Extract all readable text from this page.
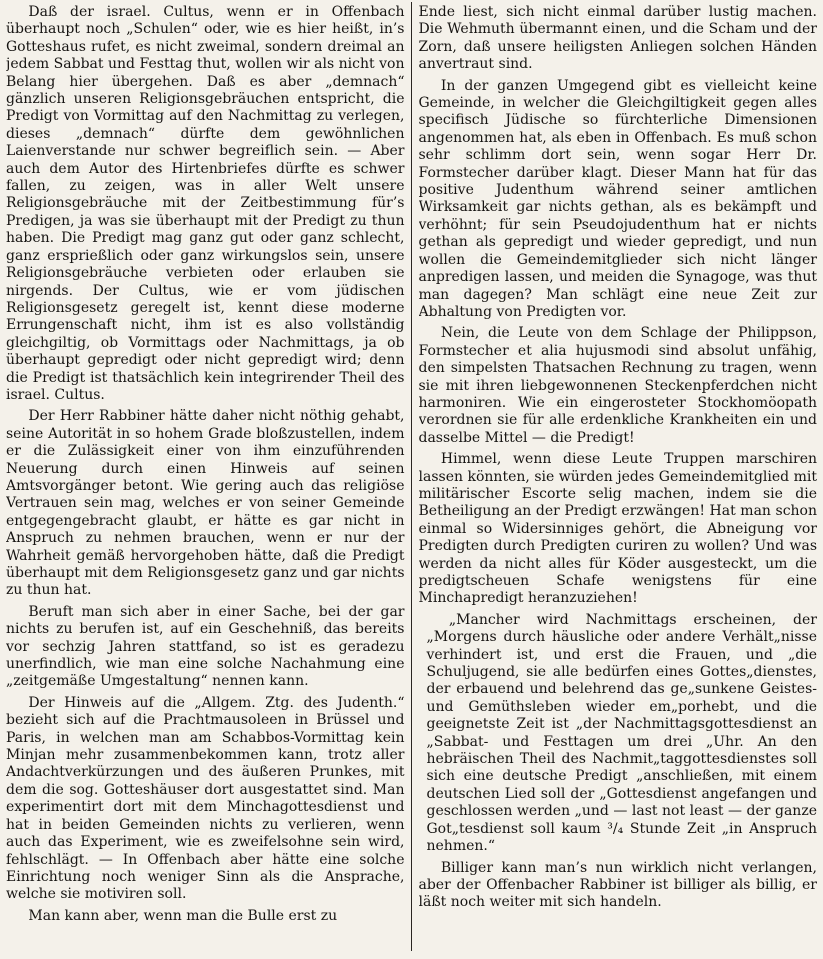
Daß der israel. Cultus, wenn er in Offenbach überhaupt noch „Schulen“ oder, wie es hier heißt, in’s Gotteshaus rufet, es nicht zweimal, sondern dreimal an jedem Sabbat und Festtag thut, wollen wir als nicht von Belang hier übergehen. Daß es aber „demnach“ gänzlich unseren Religionsgebräuchen entspricht, die Predigt von Vormittag auf den Nachmittag zu verlegen, dieses „demnach“ dürfte dem gewöhnlichen Laienverstande nur schwer begreiflich sein. — Aber auch dem Autor des Hirtenbriefes dürfte es schwer fallen, zu zeigen, was in aller Welt unsere Religionsgebräuche mit der Zeitbestimmung für’s Predigen, ja was sie überhaupt mit der Predigt zu thun haben. Die Predigt mag ganz gut oder ganz schlecht, ganz ersprießlich oder ganz wirkungslos sein, unsere Religionsgebräuche verbieten oder erlauben sie nirgends. Der Cultus, wie er vom jüdischen Religionsgesetz geregelt ist, kennt diese moderne Errungenschaft nicht, ihm ist es also vollständig gleichgiltig, ob Vormittags oder Nachmittags, ja ob überhaupt gepredigt oder nicht gepredigt wird; denn die Predigt ist thatsächlich kein integrirender Theil des israel. Cultus.

Der Herr Rabbiner hätte daher nicht nöthig gehabt, seine Autorität in so hohem Grade bloßzustellen, indem er die Zulässigkeit einer von ihm einzuführenden Neuerung durch einen Hinweis auf seinen Amtsvorgänger betont. Wie gering auch das religiöse Vertrauen sein mag, welches er von seiner Gemeinde entgegengebracht glaubt, er hätte es gar nicht in Anspruch zu nehmen brauchen, wenn er nur der Wahrheit gemäß hervorgehoben hätte, daß die Predigt überhaupt mit dem Religionsgesetz ganz und gar nichts zu thun hat.

Beruft man sich aber in einer Sache, bei der gar nichts zu berufen ist, auf ein Geschehniß, das bereits vor sechzig Jahren stattfand, so ist es geradezu unerfindlich, wie man eine solche Nachahmung eine „zeitgemäße Umgestaltung“ nennen kann.

Der Hinweis auf die „Allgem. Ztg. des Judenth.“ bezieht sich auf die Prachtmausoleen in Brüssel und Paris, in welchen man am Schabbos-Vormittag kein Minjan mehr zusammenbekommen kann, trotz aller Andachtverkürzungen und des äußeren Prunkes, mit dem die sog. Gotteshäuser dort ausgestattet sind. Man experimentirt dort mit dem Minchagottesdienst und hat in beiden Gemeinden nichts zu verlieren, wenn auch das Experiment, wie es zweifelsohne sein wird, fehlschlägt. — In Offenbach aber hätte eine solche Einrichtung noch weniger Sinn als die Ansprache, welche sie motiviren soll.

Man kann aber, wenn man die Bulle erst zu

Ende liest, sich nicht einmal darüber lustig machen. Die Wehmuth übermannt einen, und die Scham und der Zorn, daß unsere heiligsten Anliegen solchen Händen anvertraut sind.

In der ganzen Umgegend gibt es vielleicht keine Gemeinde, in welcher die Gleichgiltigkeit gegen alles specifisch Jüdische so fürchterliche Dimensionen angenommen hat, als eben in Offenbach. Es muß schon sehr schlimm dort sein, wenn sogar Herr Dr. Formstecher darüber klagt. Dieser Mann hat für das positive Judenthum während seiner amtlichen Wirksamkeit gar nichts gethan, als es bekämpft und verhöhnt; für sein Pseudojudenthum hat er nichts gethan als gepredigt und wieder gepredigt, und nun wollen die Gemeindemitglieder sich nicht länger anpredigen lassen, und meiden die Synagoge, was thut man dagegen? Man schlägt eine neue Zeit zur Abhaltung von Predigten vor.

Nein, die Leute von dem Schlage der Philippson, Formstecher et alia hujusmodi sind absolut unfähig, den simpelsten Thatsachen Rechnung zu tragen, wenn sie mit ihren liebgewonnenen Steckenpferdchen nicht harmoniren. Wie ein eingerosteter Stockhomöopath verordnen sie für alle erdenkliche Krankheiten ein und dasselbe Mittel — die Predigt!

Himmel, wenn diese Leute Truppen marschiren lassen könnten, sie würden jedes Gemeindemitglied mit militärischer Escorte selig machen, indem sie die Betheiligung an der Predigt erzwängen! Hat man schon einmal so Widersinniges gehört, die Abneigung vor Predigten durch Predigten curiren zu wollen? Und was werden da nicht alles für Köder ausgesteckt, um die predigtscheuen Schafe wenigstens für eine Minchapredigt heranzuziehen!

„Mancher wird Nachmittags erscheinen, der „Morgens durch häusliche oder andere Verhält„nisse verhindert ist, und erst die Frauen, und „die Schuljugend, sie alle bedürfen eines Gottes„dienstes, der erbauend und belehrend das ge„sunkene Geistes- und Gemüthsleben wieder em„porhebt, und die geeignetste Zeit ist „der Nachmittagsgottesdienst an „Sabbat- und Festtagen um drei „Uhr. An den hebräischen Theil des Nachmit„taggottesdienstes soll sich eine deutsche Predigt „anschließen, mit einem deutschen Lied soll der „Gottesdienst angefangen und geschlossen werden „und — last not least — der ganze Got„tesdienst soll kaum ³/₄ Stunde Zeit „in Anspruch nehmen.“

Billiger kann man’s nun wirklich nicht verlangen, aber der Offenbacher Rabbiner ist billiger als billig, er läßt noch weiter mit sich handeln.
